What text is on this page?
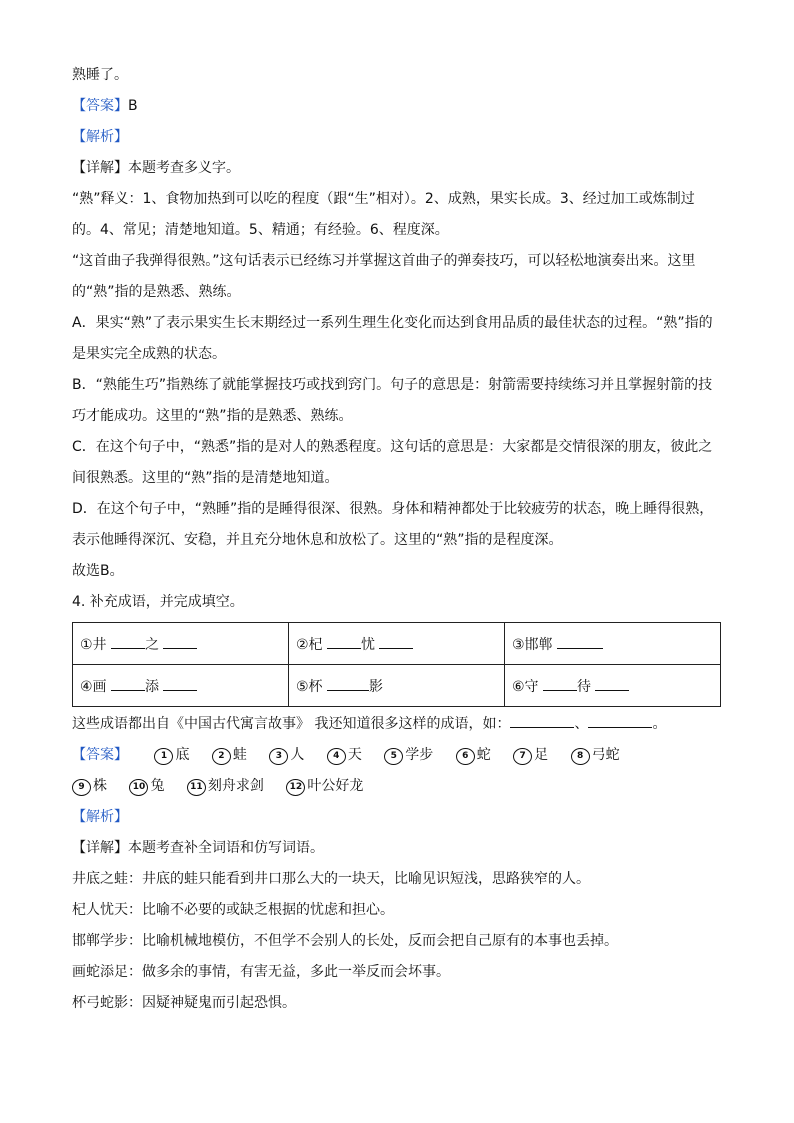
熟睡了。

【答案】B

【解析】

【详解】本题考查多义字。

“熟”释义：1、食物加热到可以吃的程度（跟“生”相对）。2、成熟，果实长成。3、经过加工或炼制过的。4、常见；清楚地知道。5、精通；有经验。6、程度深。

“这首曲子我弹得很熟。”这句话表示已经练习并掌握这首曲子的弹奏技巧，可以轻松地演奏出来。这里的“熟”指的是熟悉、熟练。

A．果实“熟”了表示果实生长末期经过一系列生理生化变化而达到食用品质的最佳状态的过程。“熟”指的是果实完全成熟的状态。

B．“熟能生巧”指熟练了就能掌握技巧或找到窍门。句子的意思是：射箭需要持续练习并且掌握射箭的技巧才能成功。这里的“熟”指的是熟悉、熟练。

C．在这个句子中，“熟悉”指的是对人的熟悉程度。这句话的意思是：大家都是交情很深的朋友，彼此之间很熟悉。这里的“熟”指的是清楚地知道。

D．在这个句子中，“熟睡”指的是睡得很深、很熟。身体和精神都处于比较疲劳的状态，晚上睡得很熟，表示他睡得深沉、安稳，并且充分地休息和放松了。这里的“熟”指的是程度深。

故选B。

4. 补充成语，并完成填空。

①井 之	②杞 忧	③邯郸
④画 添	⑤杯 影	⑥守 待

这些成语都出自《中国古代寓言故事》 我还知道很多这样的成语，如：	、	。

【答案】	1 底	2 蛙	3 人	4 天	5 学步	6 蛇	7 足	8 弓蛇
9 株	10 兔	11 刻舟求剑	12 叶公好龙

【解析】

【详解】本题考查补全词语和仿写词语。

井底之蛙：井底的蛙只能看到井口那么大的一块天，比喻见识短浅，思路狭窄的人。

杞人忧天：比喻不必要的或缺乏根据的忧虑和担心。

邯郸学步：比喻机械地模仿，不但学不会别人的长处，反而会把自己原有的本事也丢掉。

画蛇添足：做多余的事情，有害无益，多此一举反而会坏事。

杯弓蛇影：因疑神疑鬼而引起恐惧。
